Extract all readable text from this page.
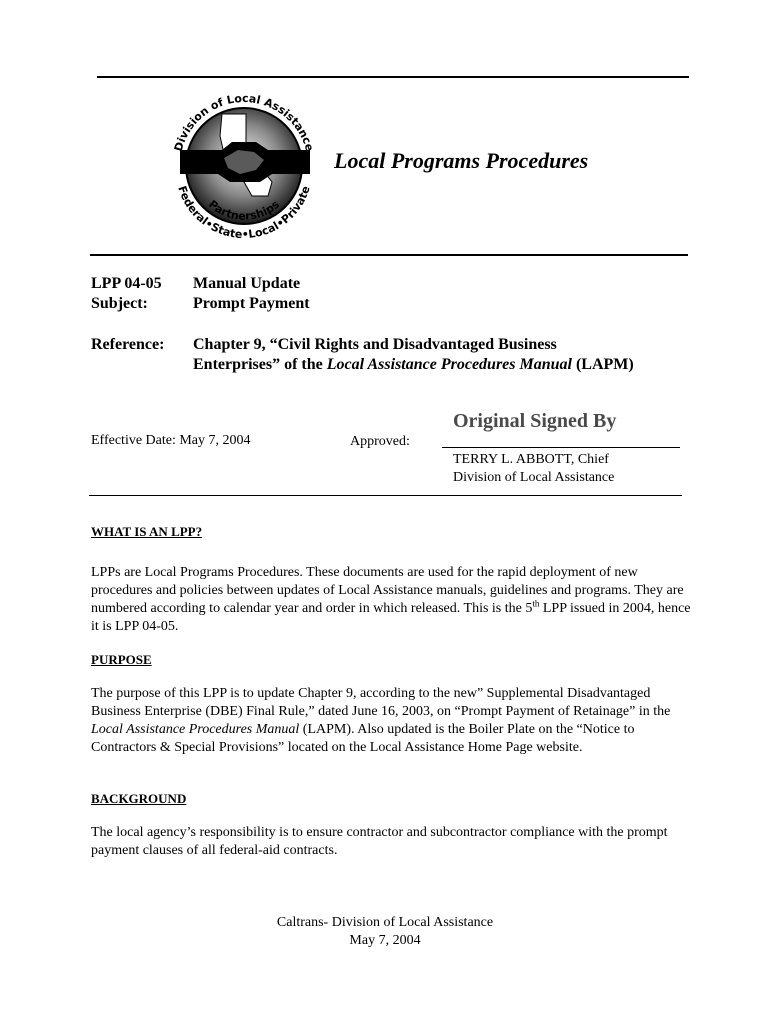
Division of Local Assistance
Federal•State•Local•Private
Partnerships
Local Programs Procedures
LPP 04-05 Manual Update
Subject:	Prompt Payment
Reference: Chapter 9, “Civil Rights and Disadvantaged Business
Enterprises” of the Local Assistance Procedures Manual (LAPM)
Original Signed By
Effective Date: May 7, 2004	Approved:
TERRY L. ABBOTT, Chief
Division of Local Assistance
WHAT IS AN LPP?
LPPs are Local Programs Procedures. These documents are used for the rapid deployment of new procedures and policies between updates of Local Assistance manuals, guidelines and programs. They are numbered according to calendar year and order in which released. This is the 5th LPP issued in 2004, hence it is LPP 04-05.
PURPOSE
The purpose of this LPP is to update Chapter 9, according to the new” Supplemental Disadvantaged Business Enterprise (DBE) Final Rule,” dated June 16, 2003, on “Prompt Payment of Retainage” in the Local Assistance Procedures Manual (LAPM). Also updated is the Boiler Plate on the “Notice to Contractors & Special Provisions” located on the Local Assistance Home Page website.
BACKGROUND
The local agency’s responsibility is to ensure contractor and subcontractor compliance with the prompt payment clauses of all federal-aid contracts.
Caltrans- Division of Local Assistance
May 7, 2004
